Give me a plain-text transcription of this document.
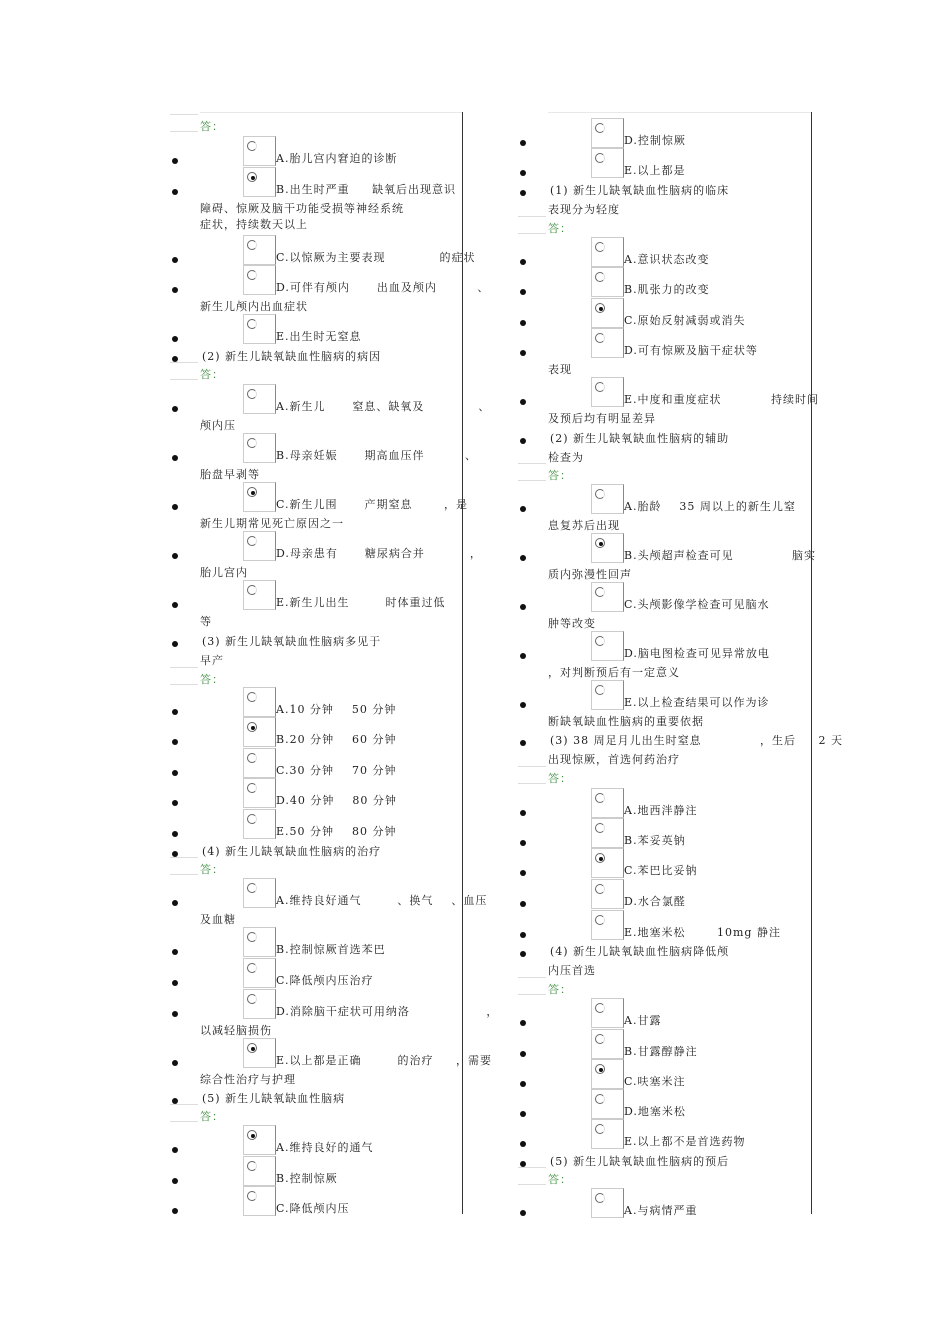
答：
A.胎儿宫内窘迫的诊断
B.出生时严重     缺氧后出现意识
障碍、惊厥及脑干功能受损等神经系统
症状，持续数天以上
C.以惊厥为主要表现            的症状
D.可伴有颅内      出血及颅内         、
新生儿颅内出血症状
E.出生时无窒息
(2) 新生儿缺氧缺血性脑病的病因
答：
A.新生儿      窒息、缺氧及            、
颅内压
B.母亲妊娠      期高血压伴         、
胎盘早剥等
C.新生儿围      产期窒息       ，是
新生儿期常见死亡原因之一
D.母亲患有      糖尿病合并          ，
胎儿宫内
E.新生儿出生        时体重过低
等
(3) 新生儿缺氧缺血性脑病多见于
早产
答：
A.10 分钟    50 分钟
B.20 分钟    60 分钟
C.30 分钟    70 分钟
D.40 分钟    80 分钟
E.50 分钟    80 分钟
(4) 新生儿缺氧缺血性脑病的治疗
答：
A.维持良好通气        、换气    、血压
及血糖
B.控制惊厥首选苯巴
C.降低颅内压治疗
D.消除脑干症状可用纳洛                 ，
以减轻脑损伤
E.以上都是正确        的治疗     ，需要
综合性治疗与护理
(5) 新生儿缺氧缺血性脑病
答：
A.维持良好的通气
B.控制惊厥
C.降低颅内压
D.控制惊厥
E.以上都是
(1) 新生儿缺氧缺血性脑病的临床
表现分为轻度
答：
A.意识状态改变
B.肌张力的改变
C.原始反射减弱或消失
D.可有惊厥及脑干症状等
表现
E.中度和重度症状           持续时间
及预后均有明显差异
(2) 新生儿缺氧缺血性脑病的辅助
检查为
答：
A.胎龄    35 周以上的新生儿窒
息复苏后出现
B.头颅超声检查可见             脑实
质内弥漫性回声
C.头颅影像学检查可见脑水
肿等改变
D.脑电图检查可见异常放电
，对判断预后有一定意义
E.以上检查结果可以作为诊
断缺氧缺血性脑病的重要依据
(3) 38 周足月儿出生时窒息             ，生后     2 天
出现惊厥，首选何药治疗
答：
A.地西泮静注
B.苯妥英钠
C.苯巴比妥钠
D.水合氯醛
E.地塞米松       10mg 静注
(4) 新生儿缺氧缺血性脑病降低颅
内压首选
答：
A.甘露
B.甘露醇静注
C.呋塞米注
D.地塞米松
E.以上都不是首选药物
(5) 新生儿缺氧缺血性脑病的预后
答：
A.与病情严重
